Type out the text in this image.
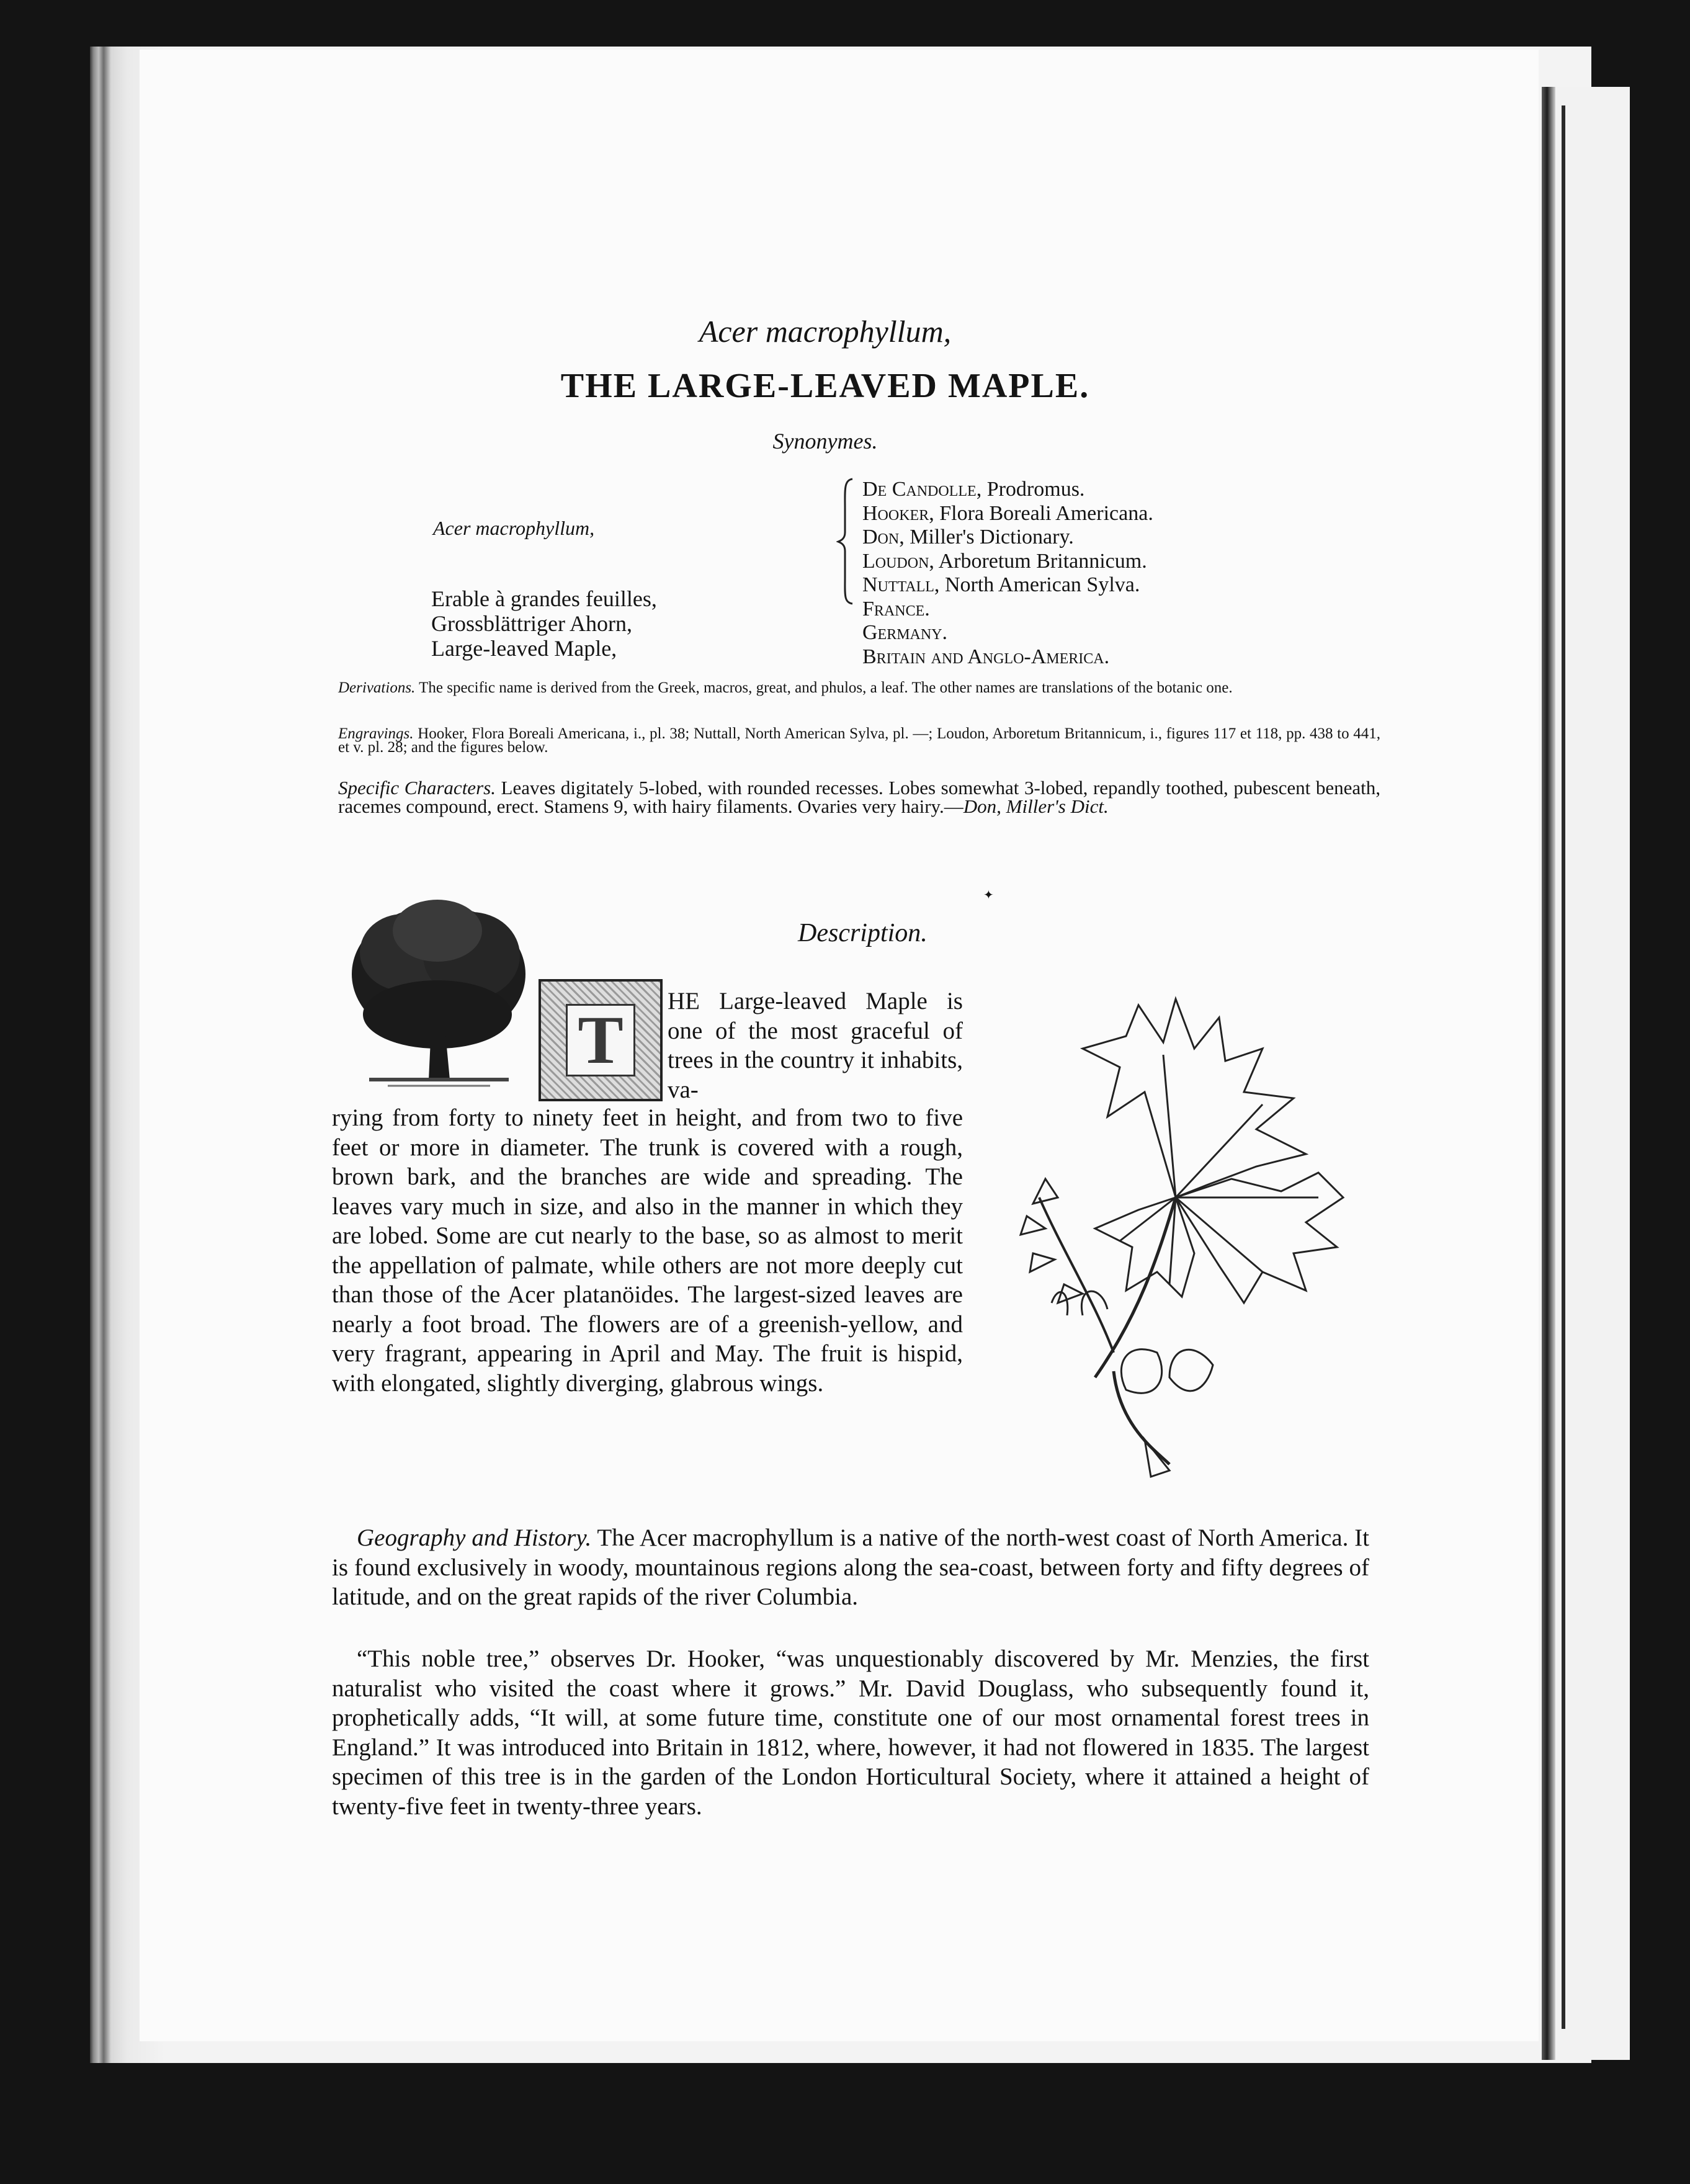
Acer macrophyllum,
THE LARGE-LEAVED MAPLE.
Synonymes.
Acer macrophyllum,
Erable à grandes feuilles,
Grossblättriger Ahorn,
Large-leaved Maple,
De Candolle, Prodromus.
Hooker, Flora Boreali Americana.
Don, Miller's Dictionary.
Loudon, Arboretum Britannicum.
Nuttall, North American Sylva.
France.
Germany.
Britain and Anglo-America.
Derivations. The specific name is derived from the Greek, macros, great, and phulos, a leaf. The other names are translations of the botanic one.
Engravings. Hooker, Flora Boreali Americana, i., pl. 38; Nuttall, North American Sylva, pl. —; Loudon, Arboretum Britannicum, i., figures 117 et 118, pp. 438 to 441, et v. pl. 28; and the figures below.
Specific Characters. Leaves digitately 5-lobed, with rounded recesses. Lobes somewhat 3-lobed, repandly toothed, pubescent beneath, racemes compound, erect. Stamens 9, with hairy filaments. Ovaries very hairy.—Don, Miller's Dict.
Description.
T
HE Large-leaved Maple is one of the most graceful of trees in the country it inhabits, va-
rying from forty to ninety feet in height, and from two to five feet or more in diameter. The trunk is covered with a rough, brown bark, and the branches are wide and spreading. The leaves vary much in size, and also in the manner in which they are lobed. Some are cut nearly to the base, so as almost to merit the appellation of palmate, while others are not more deeply cut than those of the Acer platanöides. The largest-sized leaves are nearly a foot broad. The flowers are of a greenish-yellow, and very fragrant, appearing in April and May. The fruit is hispid, with elongated, slightly diverging, glabrous wings.
✦
Geography and History. The Acer macrophyllum is a native of the north-west coast of North America. It is found exclusively in woody, mountainous regions along the sea-coast, between forty and fifty degrees of latitude, and on the great rapids of the river Columbia.
“This noble tree,” observes Dr. Hooker, “was unquestionably discovered by Mr. Menzies, the first naturalist who visited the coast where it grows.” Mr. David Douglass, who subsequently found it, prophetically adds, “It will, at some future time, constitute one of our most ornamental forest trees in England.” It was introduced into Britain in 1812, where, however, it had not flowered in 1835. The largest specimen of this tree is in the garden of the London Horticultural Society, where it attained a height of twenty-five feet in twenty-three years.
